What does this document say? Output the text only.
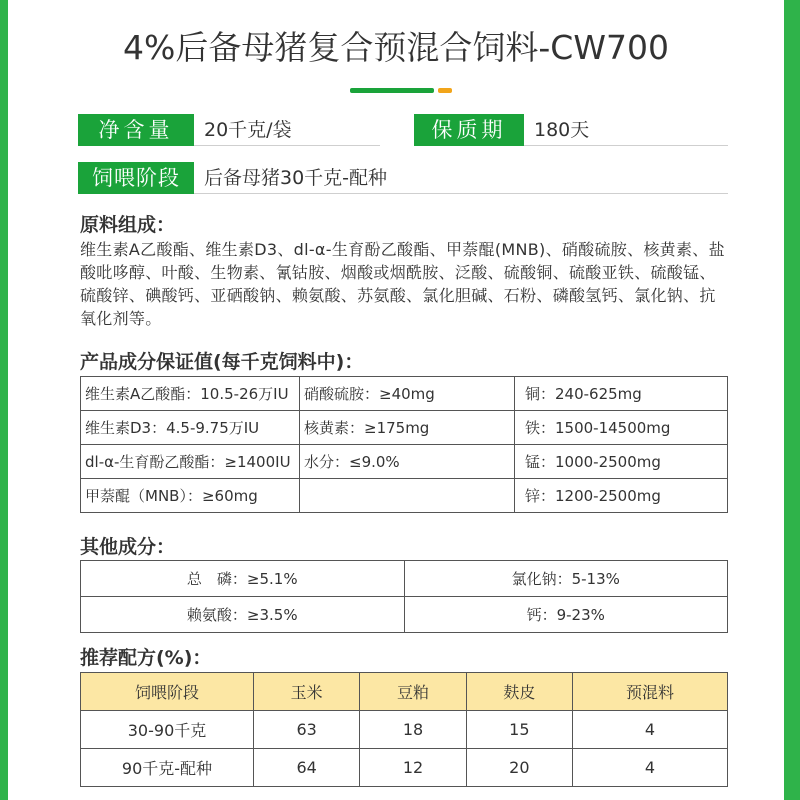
4%后备母猪复合预混合饲料-CW700
净含量	20千克/袋	保质期	180天
饲喂阶段	后备母猪30千克-配种
原料组成：
维生素A乙酸酯、维生素D3、dl-α-生育酚乙酸酯、甲萘醌(MNB)、硝酸硫胺、核黄素、盐酸吡哆醇、叶酸、生物素、氰钴胺、烟酸或烟酰胺、泛酸、硫酸铜、硫酸亚铁、硫酸锰、硫酸锌、碘酸钙、亚硒酸钠、赖氨酸、苏氨酸、氯化胆碱、石粉、磷酸氢钙、氯化钠、抗氧化剂等。
产品成分保证值(每千克饲料中)：
维生素A乙酸酯：10.5-26万IU	硝酸硫胺：≥40mg	铜：240-625mg
维生素D3：4.5-9.75万IU	核黄素：≥175mg	铁：1500-14500mg
dl-α-生育酚乙酸酯：≥1400IU	水分：≤9.0%	锰：1000-2500mg
甲萘醌（MNB）：≥60mg		锌：1200-2500mg
其他成分：
总　磷：≥5.1%	氯化钠：5-13%
赖氨酸：≥3.5%	钙：9-23%
推荐配方(%)：
饲喂阶段	玉米	豆粕	麸皮	预混料
30-90千克	63	18	15	4
90千克-配种	64	12	20	4
